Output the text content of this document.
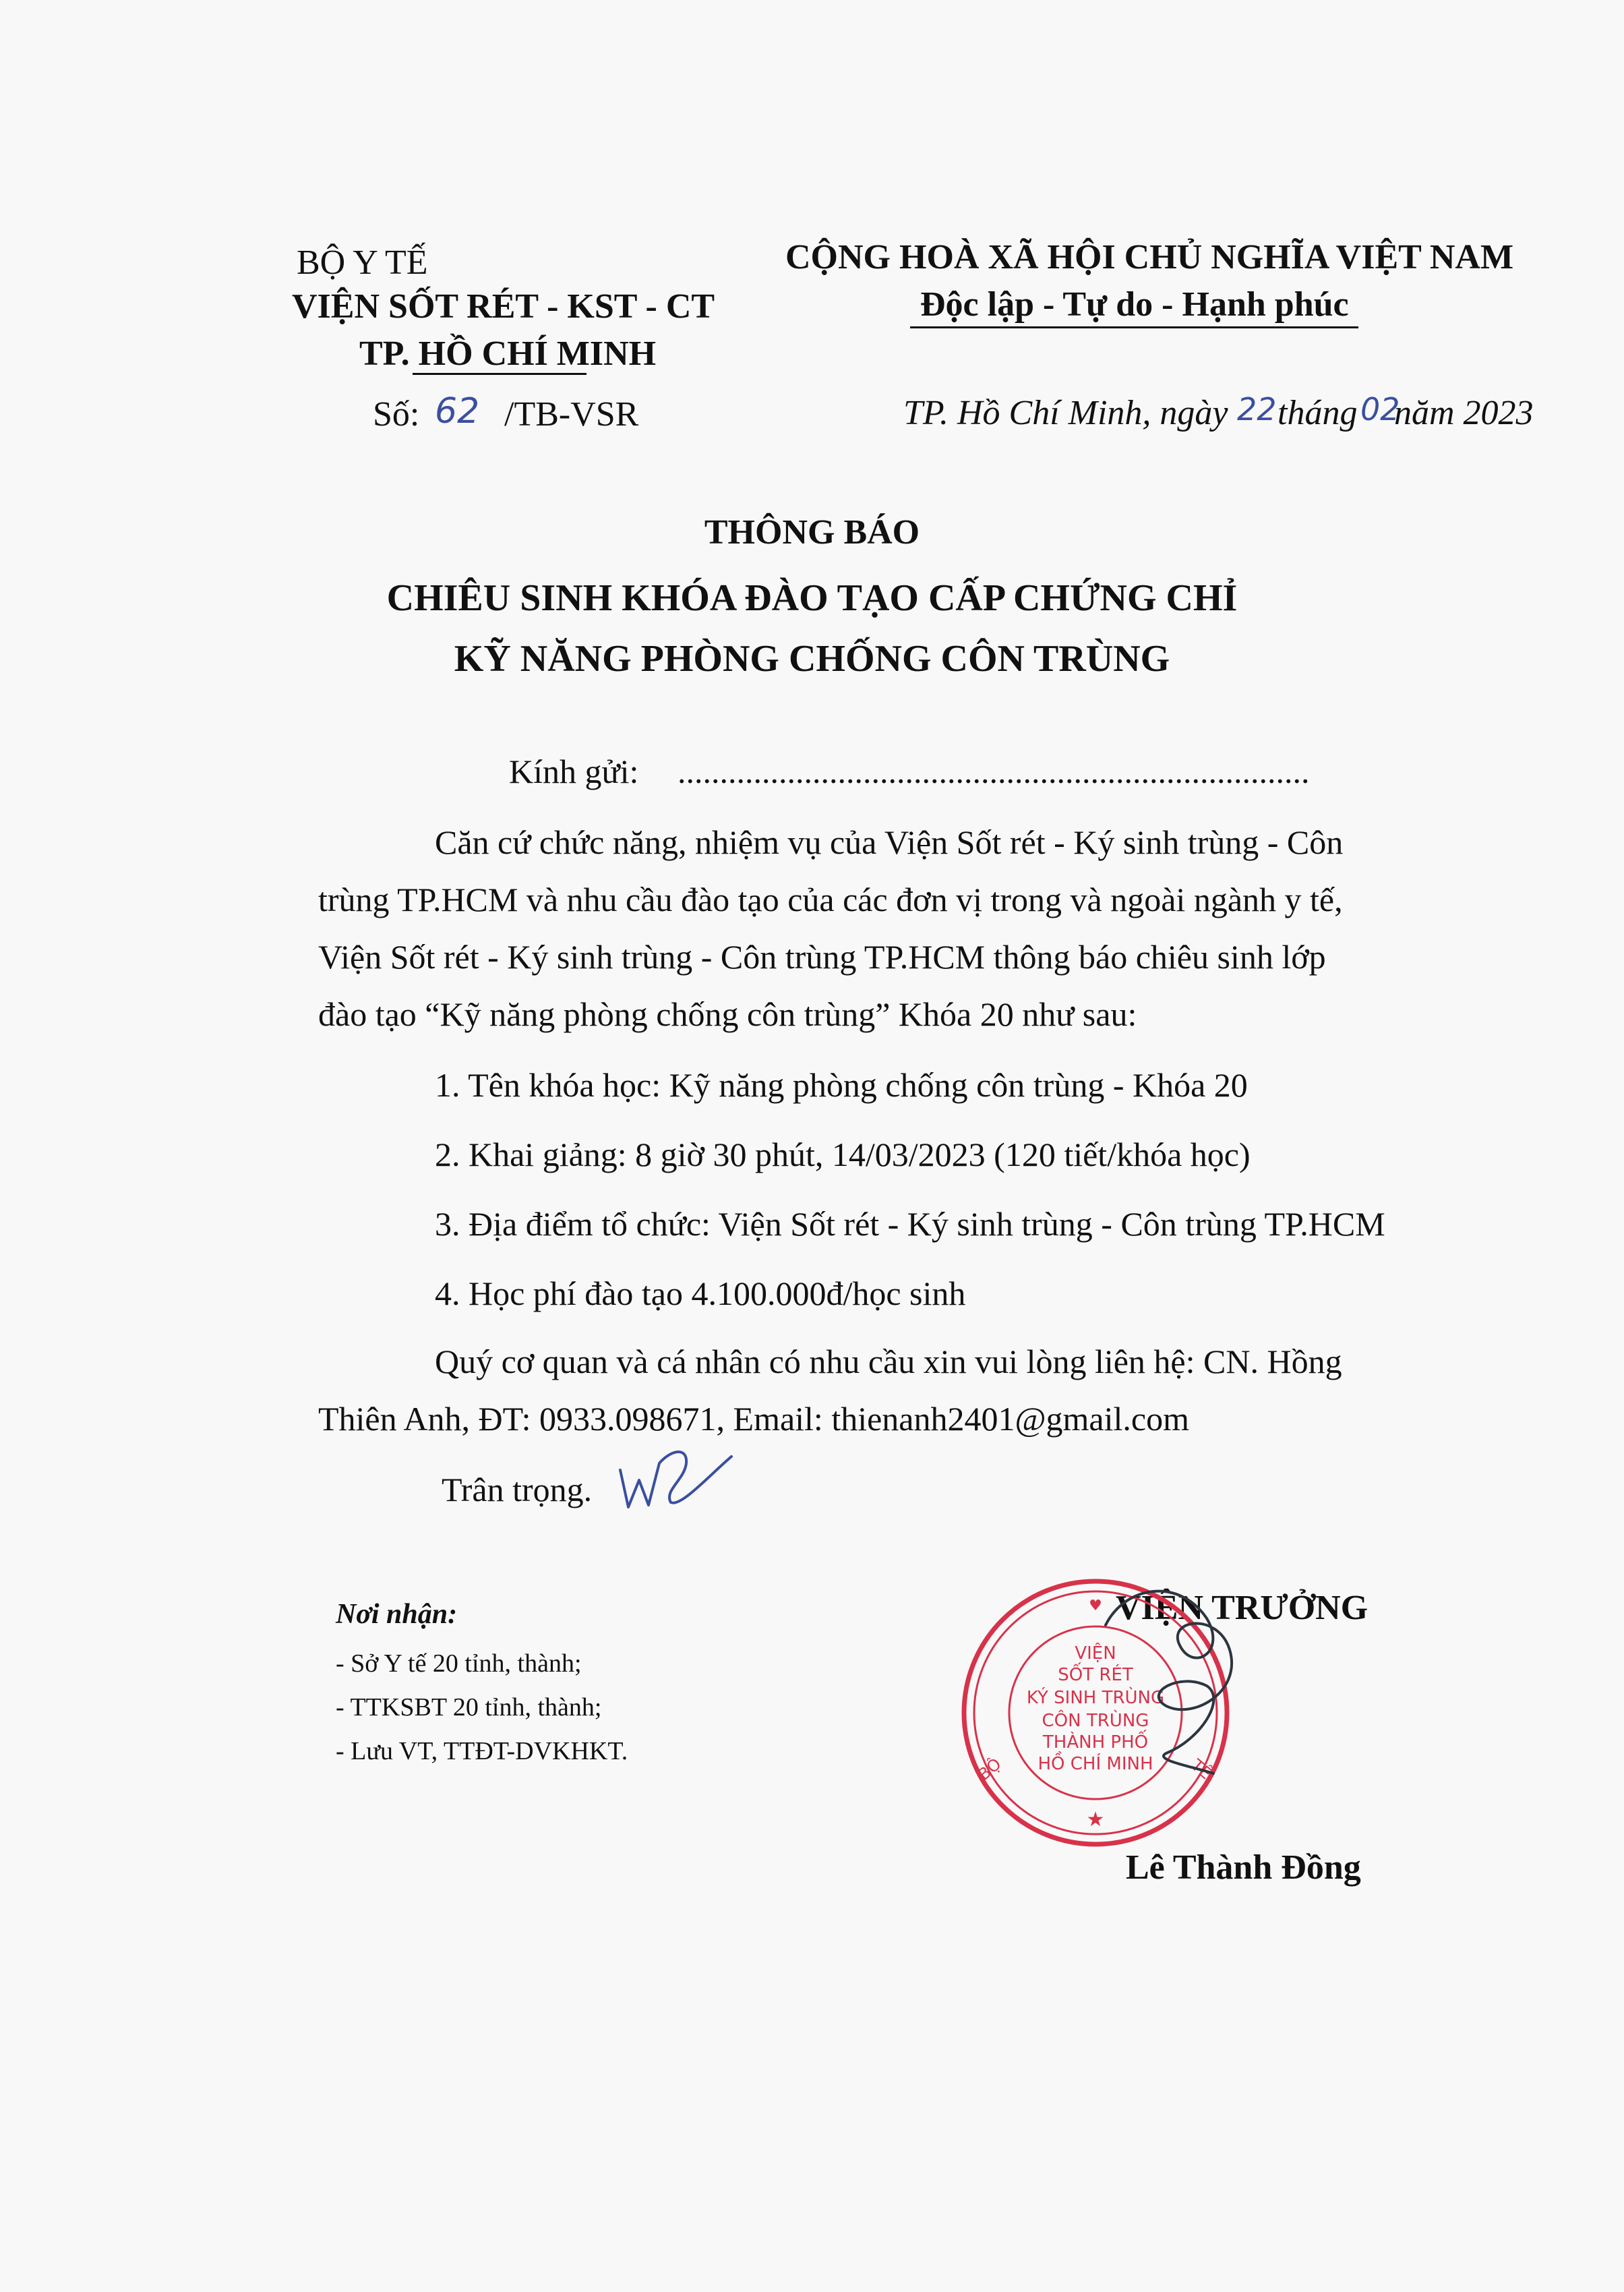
BỘ Y TẾ
VIỆN SỐT RÉT - KST - CT
TP. HỒ CHÍ MINH
Số: 62 /TB-VSR
CỘNG HOÀ XÃ HỘI CHỦ NGHĨA VIỆT NAM
Độc lập - Tự do - Hạnh phúc
TP. Hồ Chí Minh, ngày 22 tháng 02
năm 2023
THÔNG BÁO
CHIÊU SINH KHÓA ĐÀO TẠO CẤP CHỨNG CHỈ
KỸ NĂNG PHÒNG CHỐNG CÔN TRÙNG
Kính gửi: ...........................................................................
Căn cứ chức năng, nhiệm vụ của Viện Sốt rét - Ký sinh trùng - Côn
trùng TP.HCM và nhu cầu đào tạo của các đơn vị trong và ngoài ngành y tế,
Viện Sốt rét - Ký sinh trùng - Côn trùng TP.HCM thông báo chiêu sinh lớp
đào tạo “Kỹ năng phòng chống côn trùng” Khóa 20 như sau:
1. Tên khóa học: Kỹ năng phòng chống côn trùng - Khóa 20
2. Khai giảng: 8 giờ 30 phút, 14/03/2023 (120 tiết/khóa học)
3. Địa điểm tổ chức: Viện Sốt rét - Ký sinh trùng - Côn trùng TP.HCM
4. Học phí đào tạo 4.100.000đ/học sinh
Quý cơ quan và cá nhân có nhu cầu xin vui lòng liên hệ: CN. Hồng
Thiên Anh, ĐT: 0933.098671, Email: thienanh2401@gmail.com
Trân trọng.
Nơi nhận:
- Sở Y tế 20 tỉnh, thành;
- TTKSBT 20 tỉnh, thành;
- Lưu VT, TTĐT-DVKHKT.
VIỆN TRƯỞNG
VIỆN
SỐT RÉT
KÝ SINH TRÙNG
CÔN TRÙNG
THÀNH PHỐ
HỒ CHÍ MINH
BỘ	TẾ
★
♥
Lê Thành Đồng
